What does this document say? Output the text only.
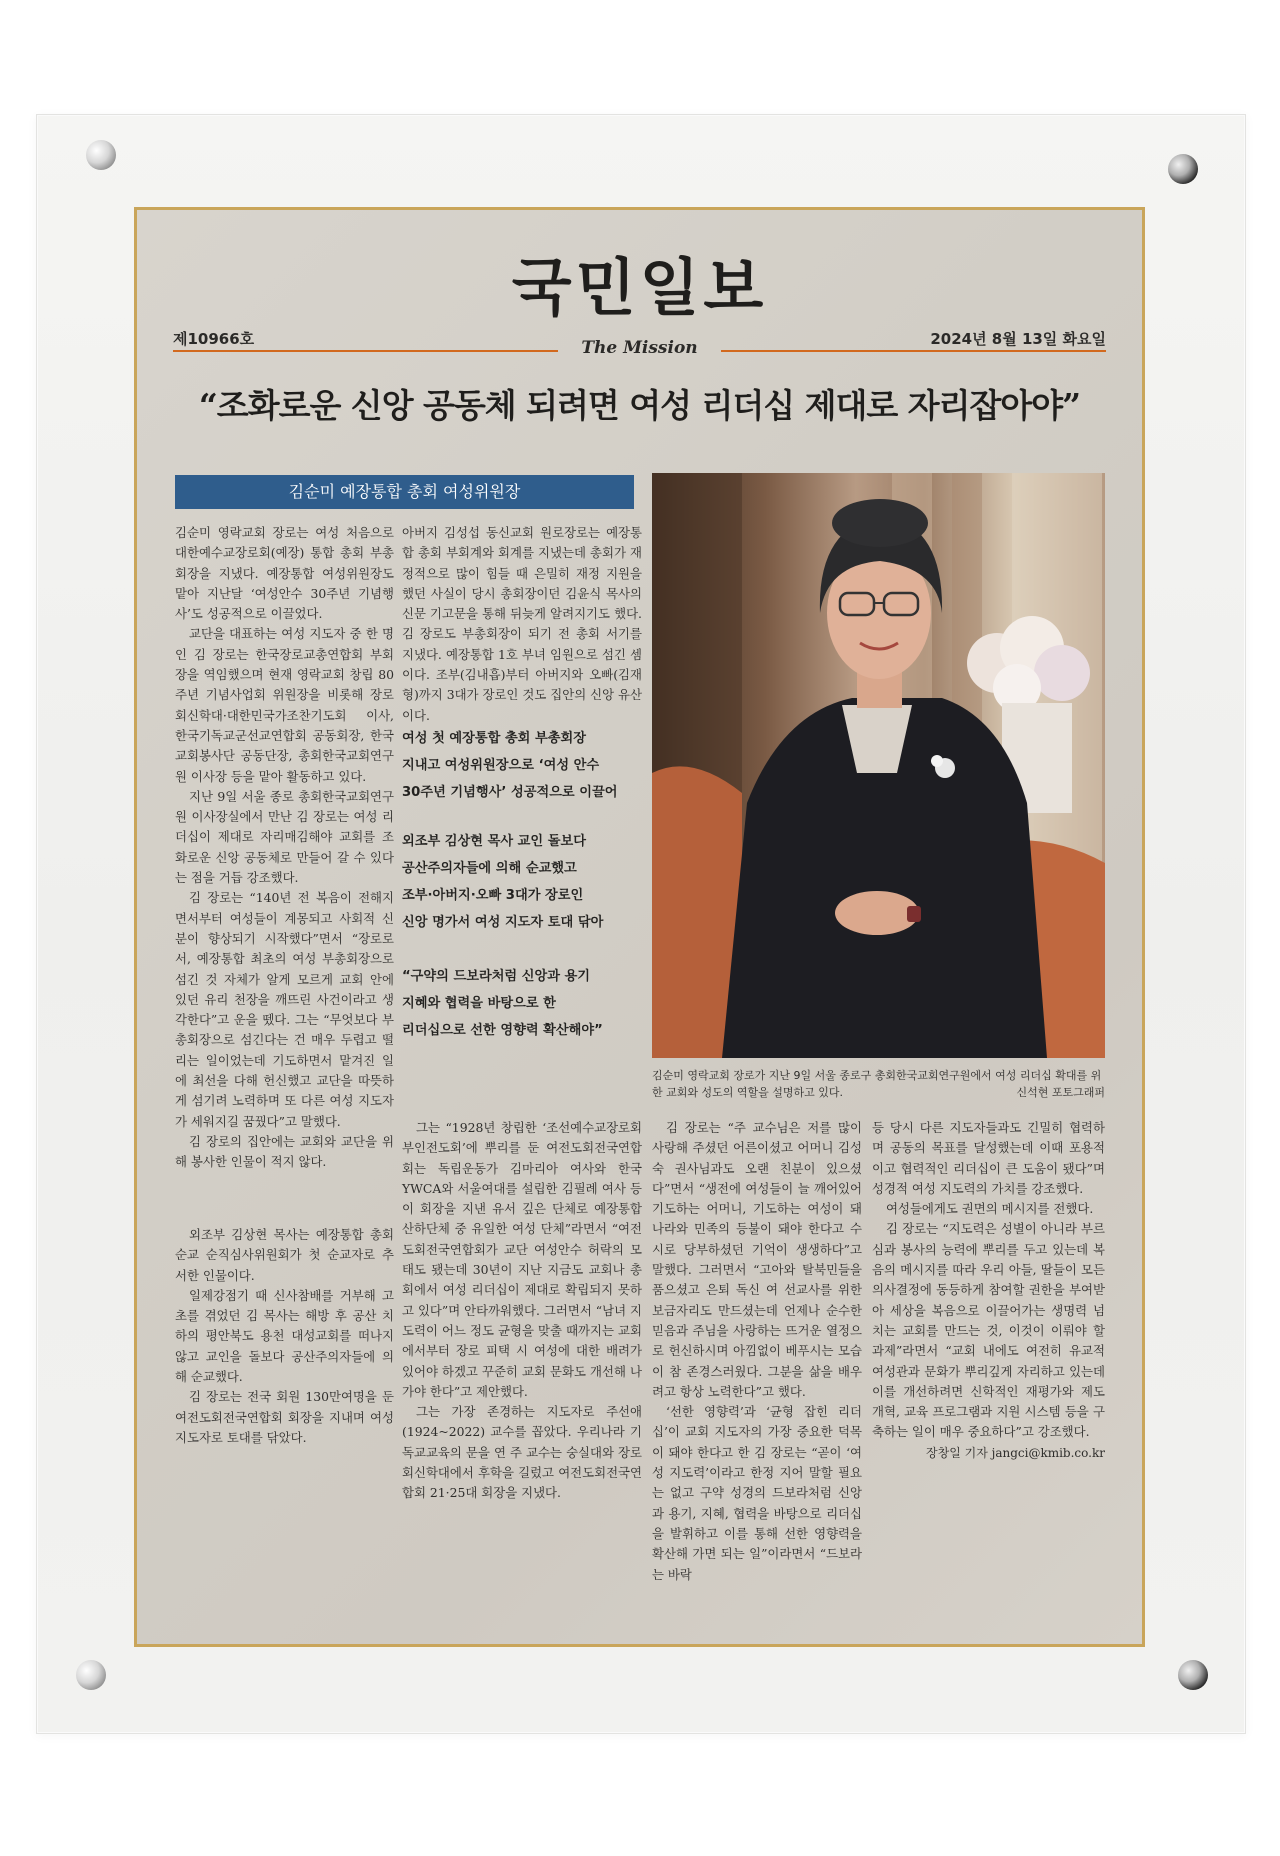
국민일보
제10966호	2024년 8월 13일 화요일
The Mission
“조화로운 신앙 공동체 되려면 여성 리더십 제대로 자리잡아야”
김순미 예장통합 총회 여성위원장

김순미 영락교회 장로는 여성 처음으로 대한예수교장로회(예장) 통합 총회 부총회장을 지냈다. 예장통합 여성위원장도 맡아 지난달 ‘여성안수 30주년 기념행사’도 성공적으로 이끌었다.

교단을 대표하는 여성 지도자 중 한 명인 김 장로는 한국장로교총연합회 부회장을 역임했으며 현재 영락교회 창립 80주년 기념사업회 위원장을 비롯해 장로회신학대·대한민국가조찬기도회 이사, 한국기독교군선교연합회 공동회장, 한국교회봉사단 공동단장, 총회한국교회연구원 이사장 등을 맡아 활동하고 있다.

지난 9일 서울 종로 총회한국교회연구원 이사장실에서 만난 김 장로는 여성 리더십이 제대로 자리매김해야 교회를 조화로운 신앙 공동체로 만들어 갈 수 있다는 점을 거듭 강조했다.

김 장로는 “140년 전 복음이 전해지면서부터 여성들이 계몽되고 사회적 신분이 향상되기 시작했다”면서 “장로로서, 예장통합 최초의 여성 부총회장으로 섬긴 것 자체가 알게 모르게 교회 안에 있던 유리 천장을 깨뜨린 사건이라고 생각한다”고 운을 뗐다. 그는 “무엇보다 부총회장으로 섬긴다는 건 매우 두렵고 떨리는 일이었는데 기도하면서 맡겨진 일에 최선을 다해 헌신했고 교단을 따뜻하게 섬기려 노력하며 또 다른 여성 지도자가 세워지길 꿈꿨다”고 말했다.

김 장로의 집안에는 교회와 교단을 위해 봉사한 인물이 적지 않다.

아버지 김성섭 동신교회 원로장로는 예장통합 총회 부회계와 회계를 지냈는데 총회가 재정적으로 많이 힘들 때 은밀히 재정 지원을 했던 사실이 당시 총회장이던 김윤식 목사의 신문 기고문을 통해 뒤늦게 알려지기도 했다. 김 장로도 부총회장이 되기 전 총회 서기를 지냈다. 예장통합 1호 부녀 임원으로 섬긴 셈이다. 조부(김내흡)부터 아버지와 오빠(김재형)까지 3대가 장로인 것도 집안의 신앙 유산이다.

여성 첫 예장통합 총회 부총회장
지내고 여성위원장으로 ‘여성 안수
30주년 기념행사’ 성공적으로 이끌어
외조부 김상현 목사 교인 돌보다
공산주의자들에 의해 순교했고
조부·아버지·오빠 3대가 장로인
신앙 명가서 여성 지도자 토대 닦아
“구약의 드보라처럼 신앙과 용기
지혜와 협력을 바탕으로 한
리더십으로 선한 영향력 확산해야”
김순미 영락교회 장로가 지난 9일 서울 종로구 총회한국교회연구원에서 여성 리더십 확대를 위한 교회와 성도의 역할을 설명하고 있다.	신석현 포토그래퍼

외조부 김상현 목사는 예장통합 총회 순교 순직심사위원회가 첫 순교자로 추서한 인물이다.

일제강점기 때 신사참배를 거부해 고초를 겪었던 김 목사는 해방 후 공산 치하의 평안북도 용천 대성교회를 떠나지 않고 교인을 돌보다 공산주의자들에 의해 순교했다.

김 장로는 전국 회원 130만여명을 둔 여전도회전국연합회 회장을 지내며 여성 지도자로 토대를 닦았다.

그는 “1928년 창립한 ‘조선예수교장로회 부인전도회’에 뿌리를 둔 여전도회전국연합회는 독립운동가 김마리아 여사와 한국YWCA와 서울여대를 설립한 김필례 여사 등이 회장을 지낸 유서 깊은 단체로 예장통합 산하단체 중 유일한 여성 단체”라면서 “여전도회전국연합회가 교단 여성안수 허락의 모태도 됐는데 30년이 지난 지금도 교회나 총회에서 여성 리더십이 제대로 확립되지 못하고 있다”며 안타까워했다. 그러면서 “남녀 지도력이 어느 정도 균형을 맞출 때까지는 교회에서부터 장로 피택 시 여성에 대한 배려가 있어야 하겠고 꾸준히 교회 문화도 개선해 나가야 한다”고 제안했다.

그는 가장 존경하는 지도자로 주선애(1924~2022) 교수를 꼽았다. 우리나라 기독교교육의 문을 연 주 교수는 숭실대와 장로회신학대에서 후학을 길렀고 여전도회전국연합회 21·25대 회장을 지냈다.

김 장로는 “주 교수님은 저를 많이 사랑해 주셨던 어른이셨고 어머니 김성숙 권사님과도 오랜 친분이 있으셨다”면서 “생전에 여성들이 늘 깨어있어 기도하는 어머니, 기도하는 여성이 돼 나라와 민족의 등불이 돼야 한다고 수시로 당부하셨던 기억이 생생하다”고 말했다. 그러면서 “고아와 탈북민들을 품으셨고 은퇴 독신 여 선교사를 위한 보금자리도 만드셨는데 언제나 순수한 믿음과 주님을 사랑하는 뜨거운 열정으로 헌신하시며 아낌없이 베푸시는 모습이 참 존경스러웠다. 그분을 삶을 배우려고 항상 노력한다”고 했다.

‘선한 영향력’과 ‘균형 잡힌 리더십’이 교회 지도자의 가장 중요한 덕목이 돼야 한다고 한 김 장로는 “곧이 ‘여성 지도력’이라고 한정 지어 말할 필요는 없고 구약 성경의 드보라처럼 신앙과 용기, 지혜, 협력을 바탕으로 리더십을 발휘하고 이를 통해 선한 영향력을 확산해 가면 되는 일”이라면서 “드보라는 바락

등 당시 다른 지도자들과도 긴밀히 협력하며 공동의 목표를 달성했는데 이때 포용적이고 협력적인 리더십이 큰 도움이 됐다”며 성경적 여성 지도력의 가치를 강조했다.

여성들에게도 권면의 메시지를 전했다.

김 장로는 “지도력은 성별이 아니라 부르심과 봉사의 능력에 뿌리를 두고 있는데 복음의 메시지를 따라 우리 아들, 딸들이 모든 의사결정에 동등하게 참여할 권한을 부여받아 세상을 복음으로 이끌어가는 생명력 넘치는 교회를 만드는 것, 이것이 이뤄야 할 과제”라면서 “교회 내에도 여전히 유교적 여성관과 문화가 뿌리깊게 자리하고 있는데 이를 개선하려면 신학적인 재평가와 제도 개혁, 교육 프로그램과 지원 시스템 등을 구축하는 일이 매우 중요하다”고 강조했다.

장창일 기자 jangci@kmib.co.kr
